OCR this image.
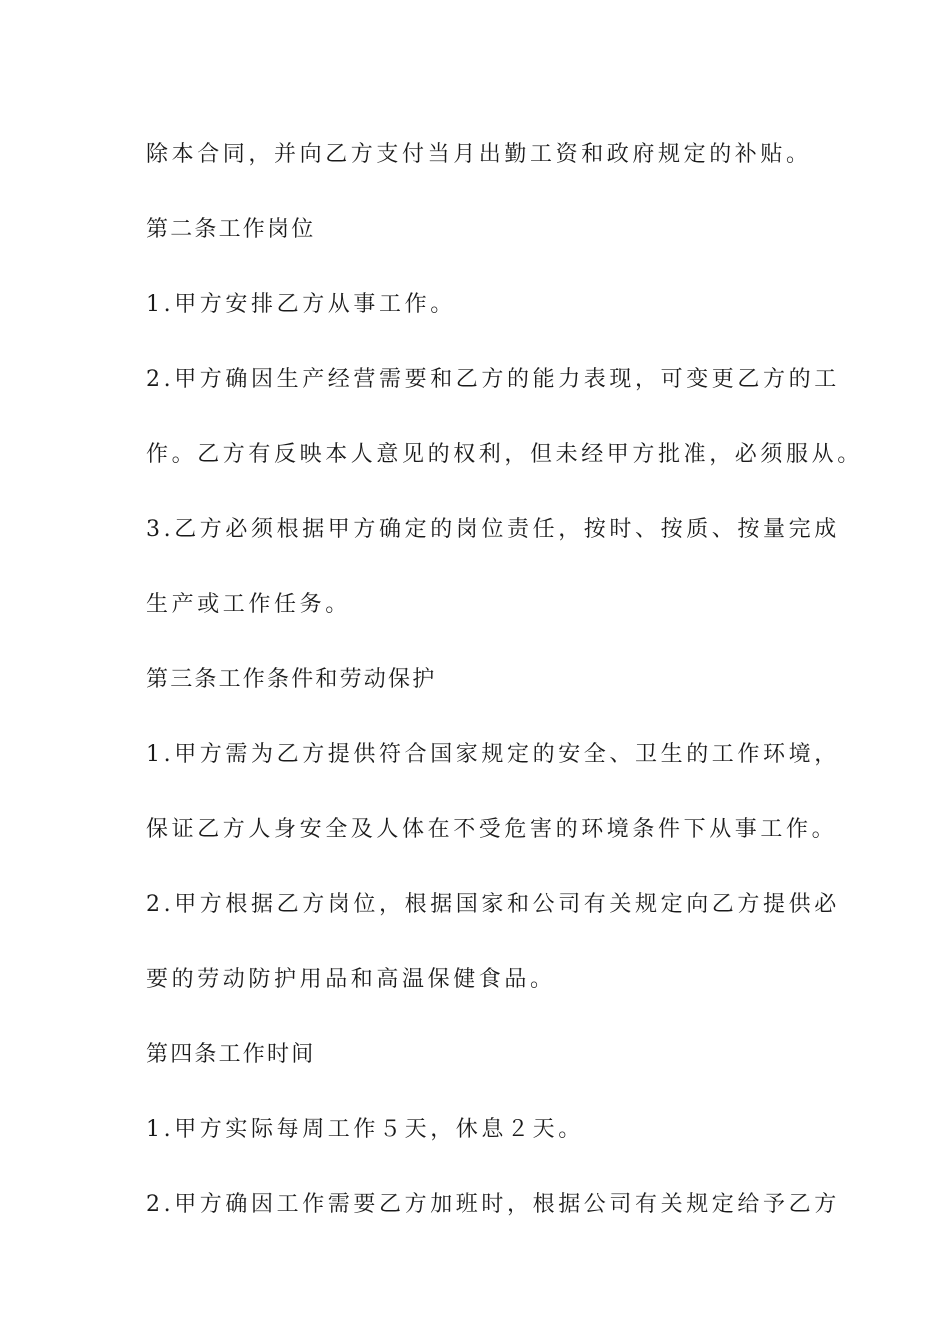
除本合同，并向乙方支付当月出勤工资和政府规定的补贴。
第二条工作岗位
1.甲方安排乙方从事工作。
2.甲方确因生产经营需要和乙方的能力表现，可变更乙方的工
作。乙方有反映本人意见的权利，但未经甲方批准，必须服从。
3.乙方必须根据甲方确定的岗位责任，按时、按质、按量完成
生产或工作任务。
第三条工作条件和劳动保护
1.甲方需为乙方提供符合国家规定的安全、卫生的工作环境，
保证乙方人身安全及人体在不受危害的环境条件下从事工作。
2.甲方根据乙方岗位，根据国家和公司有关规定向乙方提供必
要的劳动防护用品和高温保健食品。
第四条工作时间
1.甲方实际每周工作５天，休息２天。
2.甲方确因工作需要乙方加班时，根据公司有关规定给予乙方
